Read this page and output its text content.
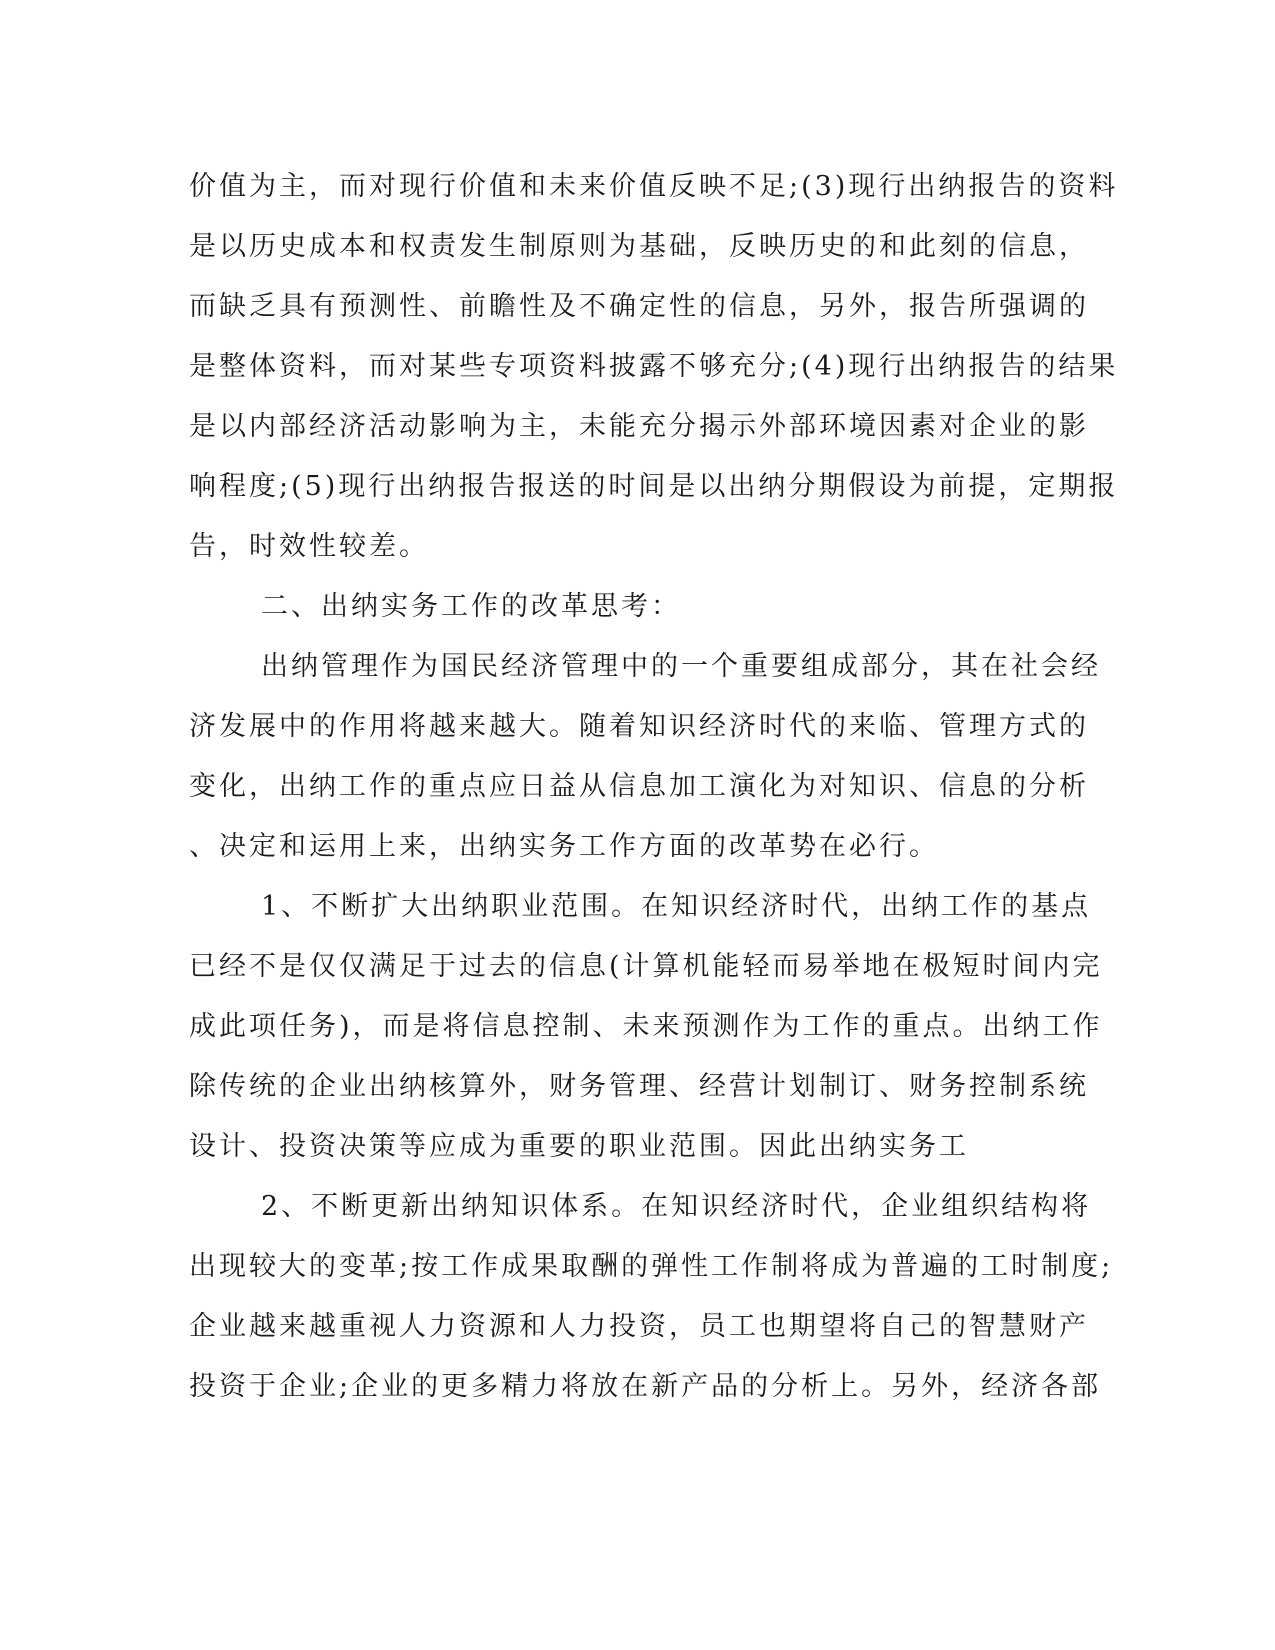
价值为主，而对现行价值和未来价值反映不足;(3)现行出纳报告的资料
是以历史成本和权责发生制原则为基础，反映历史的和此刻的信息，
而缺乏具有预测性、前瞻性及不确定性的信息，另外，报告所强调的
是整体资料，而对某些专项资料披露不够充分;(4)现行出纳报告的结果
是以内部经济活动影响为主，未能充分揭示外部环境因素对企业的影
响程度;(5)现行出纳报告报送的时间是以出纳分期假设为前提，定期报
告，时效性较差。
二、出纳实务工作的改革思考：
出纳管理作为国民经济管理中的一个重要组成部分，其在社会经
济发展中的作用将越来越大。随着知识经济时代的来临、管理方式的
变化，出纳工作的重点应日益从信息加工演化为对知识、信息的分析
、决定和运用上来，出纳实务工作方面的改革势在必行。
1、不断扩大出纳职业范围。在知识经济时代，出纳工作的基点
已经不是仅仅满足于过去的信息(计算机能轻而易举地在极短时间内完
成此项任务)，而是将信息控制、未来预测作为工作的重点。出纳工作
除传统的企业出纳核算外，财务管理、经营计划制订、财务控制系统
设计、投资决策等应成为重要的职业范围。因此出纳实务工
2、不断更新出纳知识体系。在知识经济时代，企业组织结构将
出现较大的变革;按工作成果取酬的弹性工作制将成为普遍的工时制度;
企业越来越重视人力资源和人力投资，员工也期望将自己的智慧财产
投资于企业;企业的更多精力将放在新产品的分析上。另外，经济各部
